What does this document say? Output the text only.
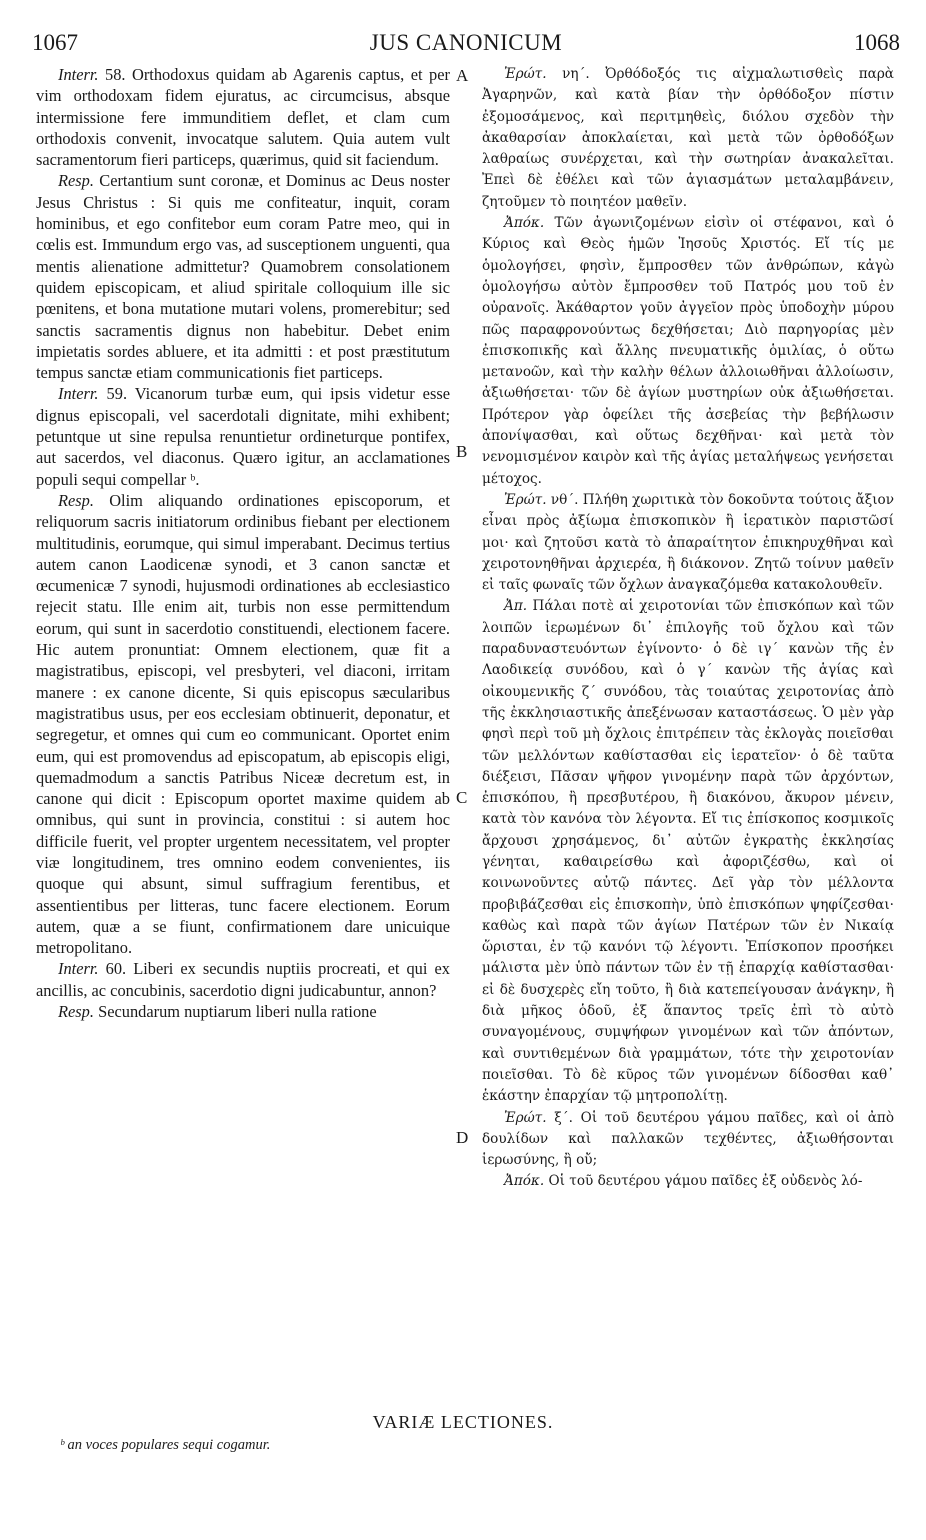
1067	JUS CANONICUM	1068

Interr. 58. Orthodoxus quidam ab Agarenis captus, et per vim orthodoxam fidem ejuratus, ac circumcisus, absque intermissione fere immunditiem deflet, et clam cum orthodoxis convenit, invocatque salutem. Quia autem vult sacramentorum fieri particeps, quærimus, quid sit faciendum.

Resp. Certantium sunt coronæ, et Dominus ac Deus noster Jesus Christus : Si quis me confiteatur, inquit, coram hominibus, et ego confitebor eum coram Patre meo, qui in cœlis est. Immundum ergo vas, ad susceptionem unguenti, qua mentis alienatione admittetur? Quamobrem consolationem quidem episcopicam, et aliud spiritale colloquium ille sic pœnitens, et bona mutatione mutari volens, promerebitur; sed sanctis sacramentis dignus non habebitur. Debet enim impietatis sordes abluere, et ita admitti : et post præstitutum tempus sanctæ etiam communicationis fiet particeps.

Interr. 59. Vicanorum turbæ eum, qui ipsis videtur esse dignus episcopali, vel sacerdotali dignitate, mihi exhibent; petuntque ut sine repulsa renuntietur ordineturque pontifex, aut sacerdos, vel diaconus. Quæro igitur, an acclamationes populi sequi compellar ᵇ.

Resp. Olim aliquando ordinationes episcoporum, et reliquorum sacris initiatorum ordinibus fiebant per electionem multitudinis, eorumque, qui simul imperabant. Decimus tertius autem canon Laodicenæ synodi, et 3 canon sanctæ et œcumenicæ 7 synodi, hujusmodi ordinationes ab ecclesiastico rejecit statu. Ille enim ait, turbis non esse permittendum eorum, qui sunt in sacerdotio constituendi, electionem facere. Hic autem pronuntiat: Omnem electionem, quæ fit a magistratibus, episcopi, vel presbyteri, vel diaconi, irritam manere : ex canone dicente, Si quis episcopus sæcularibus magistratibus usus, per eos ecclesiam obtinuerit, deponatur, et segregetur, et omnes qui cum eo communicant. Oportet enim eum, qui est promovendus ad episcopatum, ab episcopis eligi, quemadmodum a sanctis Patribus Niceæ decretum est, in canone qui dicit : Episcopum oportet maxime quidem ab omnibus, qui sunt in provincia, constitui : si autem hoc difficile fuerit, vel propter urgentem necessitatem, vel propter viæ longitudinem, tres omnino eodem convenientes, iis quoque qui absunt, simul suffragium ferentibus, et assentientibus per litteras, tunc facere electionem. Eorum autem, quæ a se fiunt, confirmationem dare unicuique metropolitano.

Interr. 60. Liberi ex secundis nuptiis procreati, et qui ex ancillis, ac concubinis, sacerdotio digni judicabuntur, annon?

Resp. Secundarum nuptiarum liberi nulla ratione

A
B
C
D

Ἐρώτ. νη΄. Ὀρθόδοξός τις αἰχμαλωτισθεὶς παρὰ Ἀγαρηνῶν, καὶ κατὰ βίαν τὴν ὀρθόδοξον πίστιν ἐξομοσάμενος, καὶ περιτμηθεὶς, διόλου σχεδὸν τὴν ἀκαθαρσίαν ἀποκλαίεται, καὶ μετὰ τῶν ὀρθοδόξων λαθραίως συνέρχεται, καὶ τὴν σωτηρίαν ἀνακαλεῖται. Ἐπεὶ δὲ ἐθέλει καὶ τῶν ἁγιασμάτων μεταλαμβάνειν, ζητοῦμεν τὸ ποιητέον μαθεῖν.

Ἀπόκ. Τῶν ἀγωνιζομένων εἰσὶν οἱ στέφανοι, καὶ ὁ Κύριος καὶ Θεὸς ἡμῶν Ἰησοῦς Χριστός. Εἴ τίς με ὁμολογήσει, φησὶν, ἔμπροσθεν τῶν ἀνθρώπων, κἀγὼ ὁμολογήσω αὐτὸν ἔμπροσθεν τοῦ Πατρός μου τοῦ ἐν οὐρανοῖς. Ἀκάθαρτον γοῦν ἀγγεῖον πρὸς ὑποδοχὴν μύρου πῶς παραφρονούντως δεχθήσεται; Διὸ παρηγορίας μὲν ἐπισκοπικῆς καὶ ἄλλης πνευματικῆς ὁμιλίας, ὁ οὕτω μετανοῶν, καὶ τὴν καλὴν θέλων ἀλλοιωθῆναι ἀλλοίωσιν, ἀξιωθήσεται· τῶν δὲ ἁγίων μυστηρίων οὐκ ἀξιωθήσεται. Πρότερον γὰρ ὀφείλει τῆς ἀσεβείας τὴν βεβήλωσιν ἀπονίψασθαι, καὶ οὕτως δεχθῆναι· καὶ μετὰ τὸν νενομισμένον καιρὸν καὶ τῆς ἁγίας μεταλήψεως γενήσεται μέτοχος.

Ἐρώτ. νθ΄. Πλήθη χωριτικὰ τὸν δοκοῦντα τούτοις ἄξιον εἶναι πρὸς ἀξίωμα ἐπισκοπικὸν ἢ ἱερατικὸν παριστῶσί μοι· καὶ ζητοῦσι κατὰ τὸ ἀπαραίτητον ἐπικηρυχθῆναι καὶ χειροτονηθῆναι ἀρχιερέα, ἢ διάκονον. Ζητῶ τοίνυν μαθεῖν εἰ ταῖς φωναῖς τῶν ὄχλων ἀναγκαζόμεθα κατακολουθεῖν.

Ἀπ. Πάλαι ποτὲ αἱ χειροτονίαι τῶν ἐπισκόπων καὶ τῶν λοιπῶν ἱερωμένων δι᾽ ἐπιλογῆς τοῦ ὄχλου καὶ τῶν παραδυναστευόντων ἐγίνοντο· ὁ δὲ ιγ΄ κανὼν τῆς ἐν Λαοδικείᾳ συνόδου, καὶ ὁ γ΄ κανὼν τῆς ἁγίας καὶ οἰκουμενικῆς ζ΄ συνόδου, τὰς τοιαύτας χειροτονίας ἀπὸ τῆς ἐκκλησιαστικῆς ἀπεξένωσαν καταστάσεως. Ὁ μὲν γὰρ φησὶ περὶ τοῦ μὴ ὄχλοις ἐπιτρέπειν τὰς ἐκλογὰς ποιεῖσθαι τῶν μελλόντων καθίστασθαι εἰς ἱερατεῖον· ὁ δὲ ταῦτα διέξεισι, Πᾶσαν ψῆφον γινομένην παρὰ τῶν ἀρχόντων, ἐπισκόπου, ἢ πρεσβυτέρου, ἢ διακόνου, ἄκυρον μένειν, κατὰ τὸν κανόνα τὸν λέγοντα. Εἴ τις ἐπίσκοπος κοσμικοῖς ἄρχουσι χρησάμενος, δι᾽ αὐτῶν ἐγκρατὴς ἐκκλησίας γένηται, καθαιρείσθω καὶ ἀφοριζέσθω, καὶ οἱ κοινωνοῦντες αὐτῷ πάντες. Δεῖ γὰρ τὸν μέλλοντα προβιβάζεσθαι εἰς ἐπισκοπὴν, ὑπὸ ἐπισκόπων ψηφίζεσθαι· καθὼς καὶ παρὰ τῶν ἁγίων Πατέρων τῶν ἐν Νικαίᾳ ὥρισται, ἐν τῷ κανόνι τῷ λέγοντι. Ἐπίσκοπον προσήκει μάλιστα μὲν ὑπὸ πάντων τῶν ἐν τῇ ἐπαρχίᾳ καθίστασθαι· εἰ δὲ δυσχερὲς εἴη τοῦτο, ἢ διὰ κατεπείγουσαν ἀνάγκην, ἢ διὰ μῆκος ὁδοῦ, ἐξ ἅπαντος τρεῖς ἐπὶ τὸ αὐτὸ συναγομένους, συμψήφων γινομένων καὶ τῶν ἀπόντων, καὶ συντιθεμένων διὰ γραμμάτων, τότε τὴν χειροτονίαν ποιεῖσθαι. Τὸ δὲ κῦρος τῶν γινομένων δίδοσθαι καθ᾽ ἑκάστην ἐπαρχίαν τῷ μητροπολίτῃ.

Ἐρώτ. ξ΄. Οἱ τοῦ δευτέρου γάμου παῖδες, καὶ οἱ ἀπὸ δουλίδων καὶ παλλακῶν τεχθέντες, ἀξιωθήσονται ἱερωσύνης, ἢ οὔ;

Ἀπόκ. Οἱ τοῦ δευτέρου γάμου παῖδες ἐξ οὐδενὸς λό-

VARIÆ LECTIONES.
ᵇ an voces populares sequi cogamur.
